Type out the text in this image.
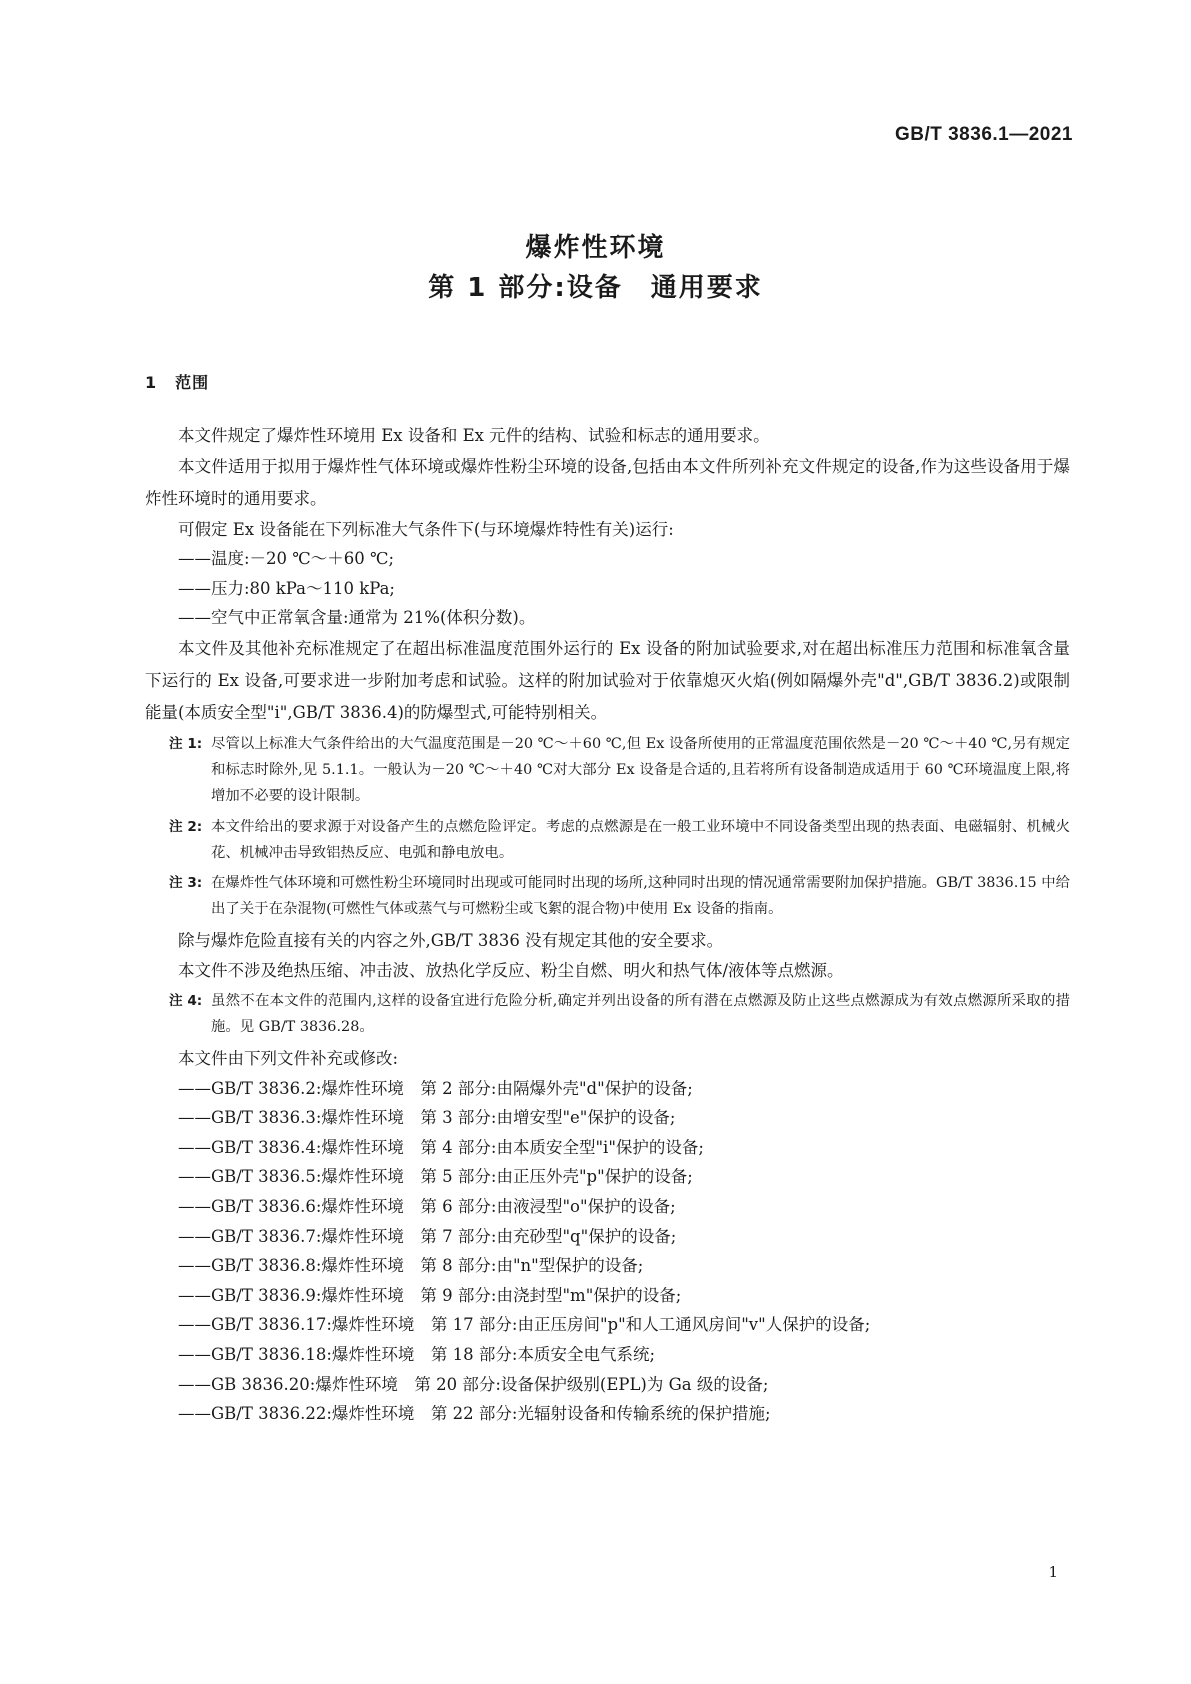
GB/T 3836.1—2021
爆炸性环境
第 1 部分:设备　通用要求
1 范围

本文件规定了爆炸性环境用 Ex 设备和 Ex 元件的结构、试验和标志的通用要求。

本文件适用于拟用于爆炸性气体环境或爆炸性粉尘环境的设备,包括由本文件所列补充文件规定的设备,作为这些设备用于爆炸性环境时的通用要求。

可假定 Ex 设备能在下列标准大气条件下(与环境爆炸特性有关)运行:

——温度:－20 ℃～＋60 ℃;

——压力:80 kPa～110 kPa;

——空气中正常氧含量:通常为 21%(体积分数)。

本文件及其他补充标准规定了在超出标准温度范围外运行的 Ex 设备的附加试验要求,对在超出标准压力范围和标准氧含量下运行的 Ex 设备,可要求进一步附加考虑和试验。这样的附加试验对于依靠熄灭火焰(例如隔爆外壳"d",GB/T 3836.2)或限制能量(本质安全型"i",GB/T 3836.4)的防爆型式,可能特别相关。

注 1: 尽管以上标准大气条件给出的大气温度范围是－20 ℃～＋60 ℃,但 Ex 设备所使用的正常温度范围依然是－20 ℃～＋40 ℃,另有规定和标志时除外,见 5.1.1。一般认为－20 ℃～＋40 ℃对大部分 Ex 设备是合适的,且若将所有设备制造成适用于 60 ℃环境温度上限,将增加不必要的设计限制。
注 2: 本文件给出的要求源于对设备产生的点燃危险评定。考虑的点燃源是在一般工业环境中不同设备类型出现的热表面、电磁辐射、机械火花、机械冲击导致铝热反应、电弧和静电放电。
注 3: 在爆炸性气体环境和可燃性粉尘环境同时出现或可能同时出现的场所,这种同时出现的情况通常需要附加保护措施。GB/T 3836.15 中给出了关于在杂混物(可燃性气体或蒸气与可燃粉尘或飞絮的混合物)中使用 Ex 设备的指南。

除与爆炸危险直接有关的内容之外,GB/T 3836 没有规定其他的安全要求。

本文件不涉及绝热压缩、冲击波、放热化学反应、粉尘自燃、明火和热气体/液体等点燃源。

注 4: 虽然不在本文件的范围内,这样的设备宜进行危险分析,确定并列出设备的所有潜在点燃源及防止这些点燃源成为有效点燃源所采取的措施。见 GB/T 3836.28。

本文件由下列文件补充或修改:

——GB/T 3836.2:爆炸性环境　第 2 部分:由隔爆外壳"d"保护的设备;

——GB/T 3836.3:爆炸性环境　第 3 部分:由增安型"e"保护的设备;

——GB/T 3836.4:爆炸性环境　第 4 部分:由本质安全型"i"保护的设备;

——GB/T 3836.5:爆炸性环境　第 5 部分:由正压外壳"p"保护的设备;

——GB/T 3836.6:爆炸性环境　第 6 部分:由液浸型"o"保护的设备;

——GB/T 3836.7:爆炸性环境　第 7 部分:由充砂型"q"保护的设备;

——GB/T 3836.8:爆炸性环境　第 8 部分:由"n"型保护的设备;

——GB/T 3836.9:爆炸性环境　第 9 部分:由浇封型"m"保护的设备;

——GB/T 3836.17:爆炸性环境　第 17 部分:由正压房间"p"和人工通风房间"v"人保护的设备;

——GB/T 3836.18:爆炸性环境　第 18 部分:本质安全电气系统;

——GB 3836.20:爆炸性环境　第 20 部分:设备保护级别(EPL)为 Ga 级的设备;

——GB/T 3836.22:爆炸性环境　第 22 部分:光辐射设备和传输系统的保护措施;

1
